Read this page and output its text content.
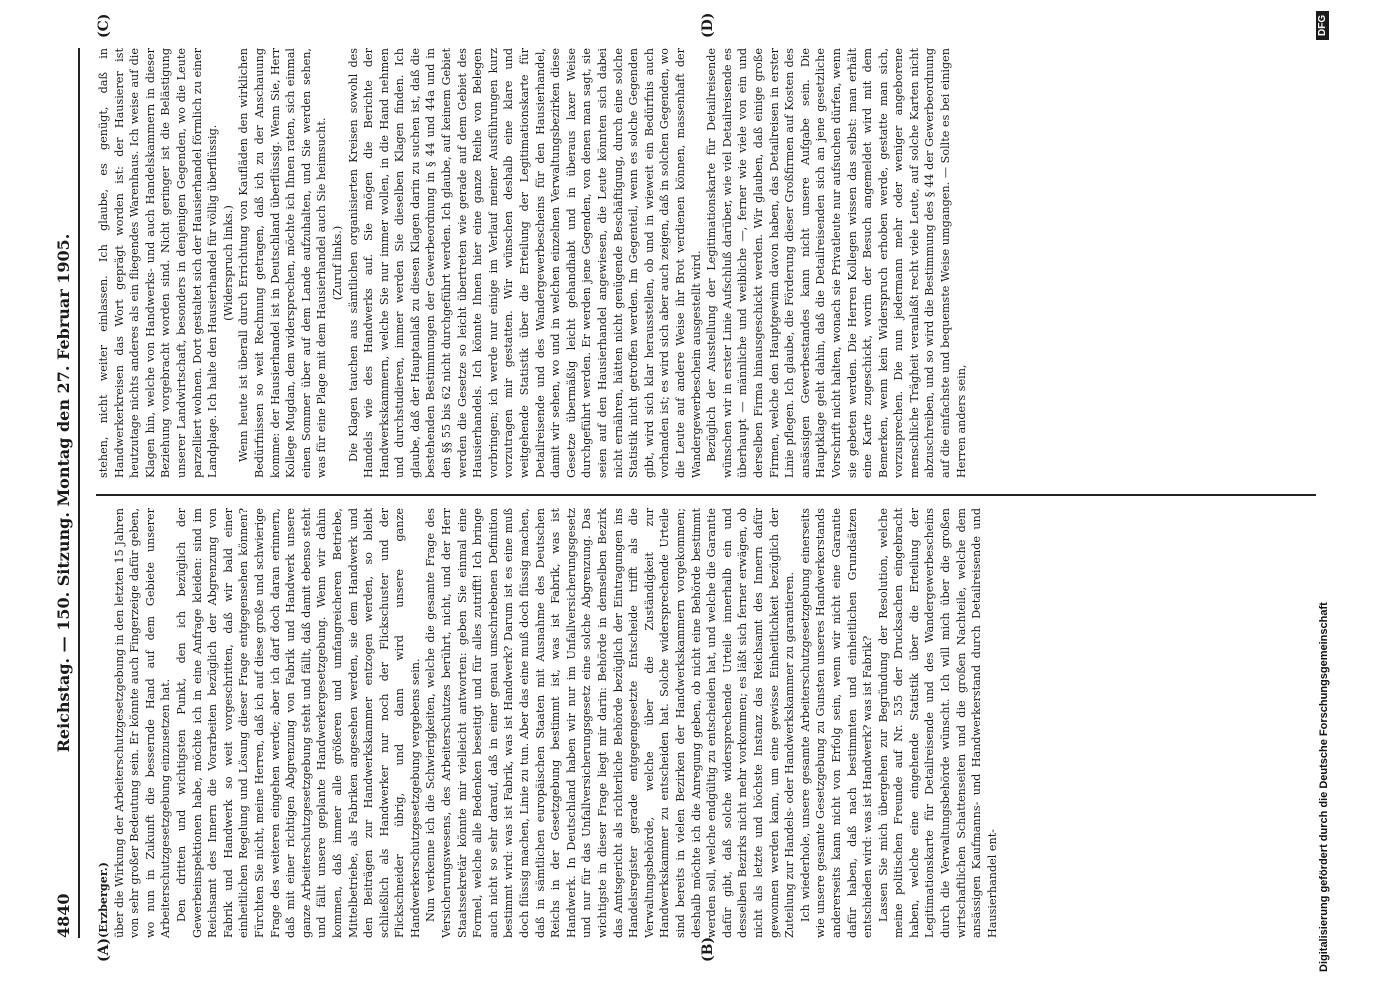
4840
Reichstag. — 150. Sitzung. Montag den 27. Februar 1905.
(A)	(B)
(C)	(D)

(Erzberger.) über die Wirkung der Arbeiterschutzgesetzgebung in den letzten 15 Jahren von sehr großer Bedeutung sein. Er könnte auch Fingerzeige dafür geben, wo nun in Zukunft die bessernde Hand auf dem Gebiete unserer Arbeiterschutzgesetzgebung einzusetzen hat. Den dritten und wichtigsten Punkt, den ich bezüglich der Gewerbeinspektionen habe, möchte ich in eine Anfrage kleiden: sind im Reichsamt des Innern die Vorarbeiten bezüglich der Abgrenzung von Fabrik und Handwerk so weit vorgeschritten, daß wir bald einer einheitlichen Regelung und Lösung dieser Frage entgegensehen können? Fürchten Sie nicht, meine Herren, daß ich auf diese große und schwierige Frage des weiteren eingehen werde; aber ich darf doch daran erinnern, daß mit einer richtigen Abgrenzung von Fabrik und Handwerk unsere ganze Arbeiterschutzgesetzgebung steht und fällt, daß damit ebenso steht und fällt unsere geplante Handwerkergesetzgebung. Wenn wir dahin kommen, daß immer alle größeren und umfangreicheren Betriebe, Mittelbetriebe, als Fabriken angesehen werden, sie dem Handwerk und den Beiträgen zur Handwerkskammer entzogen werden, so bleibt schließlich als Handwerker nur noch der Flickschuster und der Flickschneider übrig, und dann wird unsere ganze Handwerkerschutzgesetzgebung vergebens sein. Nun verkenne ich die Schwierigkeiten, welche die gesamte Frage des Versicherungswesens, des Arbeiterschutzes berührt, nicht, und der Herr Staatssekretär könnte mir vielleicht antworten: geben Sie einmal eine Formel, welche alle Bedenken beseitigt und für alles zutrifft! Ich bringe auch nicht so sehr darauf, daß in einer genau umschriebenen Definition bestimmt wird: was ist Fabrik, was ist Handwerk? Darum ist es eine muß doch flüssig machen, Linie zu tun. Aber das eine muß doch flüssig machen, daß in sämtlichen europäischen Staaten mit Ausnahme des Deutschen Reichs in der Gesetzgebung bestimmt ist, was ist Fabrik, was ist Handwerk. In Deutschland haben wir nur im Unfallversicherungsgesetz und nur für das Unfallversicherungsgesetz eine solche Abgrenzung. Das wichtigste in dieser Frage liegt mir darin: Behörde in demselben Bezirk das Amtsgericht als richterliche Behörde bezüglich der Eintragungen ins Handelsregister gerade entgegengesetzte Entscheide trifft als die Verwaltungsbehörde, welche über die Zuständigkeit zur Handwerkskammer zu entscheiden hat. Solche widersprechende Urteile sind bereits in vielen Bezirken der Handwerkskammern vorgekommen; deshalb möchte ich die Anregung geben, ob nicht eine Behörde bestimmt werden soll, welche endgültig zu entscheiden hat, und welche die Garantie dafür gibt, daß solche widersprechende Urteile innerhalb ein und desselben Bezirks nicht mehr vorkommen; es läßt sich ferner erwägen, ob nicht als letzte und höchste Instanz das Reichsamt des Innern dafür gewonnen werden kann, um eine gewisse Einheitlichkeit bezüglich der Zuteilung zur Handels- oder Handwerkskammer zu garantieren. Ich wiederhole, unsere gesamte Arbeiterschutzgesetzgebung einerseits wie unsere gesamte Gesetzgebung zu Gunsten unseres Handwerkerstands andererseits kann nicht von Erfolg sein, wenn wir nicht eine Garantie dafür haben, daß nach bestimmten und einheitlichen Grundsätzen entschieden wird: was ist Handwerk? was ist Fabrik? Lassen Sie mich übergehen zur Begründung der Resolution, welche meine politischen Freunde auf Nr. 535 der Drucksachen eingebracht haben, welche eine eingehende Statistik über die Erteilung der Legitimationskarte für Detailreisende und des Wandergewerbescheins durch die Verwaltungsbehörde wünscht. Ich will mich über die großen wirtschaftlichen Schattenseiten und die großen Nachteile, welche dem ansässigen Kaufmanns- und Handwerkerstand durch Detailreisende und Hausierhandel ent-

stehen, nicht weiter einlassen. Ich glaube, es genügt, daß in Handwerkerkreisen das Wort geprägt worden ist: der Hausierer ist heutzutage nichts anderes als ein fliegendes Warenhaus. Ich weise auf die Klagen hin, welche von Handwerks- und auch Handelskammern in dieser Beziehung vorgebracht worden sind. Nicht geringer ist die Belästigung unserer Landwirtschaft, besonders in denjenigen Gegenden, wo die Leute parzelliert wohnen. Dort gestaltet sich der Hausierhandel förmlich zu einer Landplage. Ich halte den Hausierhandel für völlig überflüssig. (Widerspruch links.) Wenn heute ist überall durch Errichtung von Kaufläden den wirklichen Bedürfnissen so weit Rechnung getragen, daß ich zu der Anschauung komme: der Hausierhandel ist in Deutschland überflüssig. Wenn Sie, Herr Kollege Mugdan, dem widersprechen, möchte ich Ihnen raten, sich einmal einen Sommer über auf dem Lande aufzuhalten, und Sie werden sehen, was für eine Plage mit dem Hausierhandel auch Sie heimsucht. (Zuruf links.) Die Klagen tauchen aus sämtlichen organisierten Kreisen sowohl des Handels wie des Handwerks auf. Sie mögen die Berichte der Handwerkskammern, welche Sie nur immer wollen, in die Hand nehmen und durchstudieren, immer werden Sie dieselben Klagen finden. Ich glaube, daß der Hauptanlaß zu diesen Klagen darin zu suchen ist, daß die bestehenden Bestimmungen der Gewerbeordnung in § 44 und 44a und in den §§ 55 bis 62 nicht durchgeführt werden. Ich glaube, auf keinem Gebiet werden die Gesetze so leicht übertreten wie gerade auf dem Gebiet des Hausierhandels. Ich könnte Ihnen hier eine ganze Reihe von Belegen vorbringen; ich werde nur einige im Verlauf meiner Ausführungen kurz vorzutragen mir gestatten. Wir wünschen deshalb eine klare und weitgehende Statistik über die Erteilung der Legitimationskarte für Detailreisende und des Wandergewerbescheins für den Hausierhandel, damit wir sehen, wo und in welchen einzelnen Verwaltungsbezirken diese Gesetze übermäßig leicht gehandhabt und in überaus laxer Weise durchgeführt werden. Er werden jene Gegenden, von denen man sagt, sie seien auf den Hausierhandel angewiesen, die Leute könnten sich dabei nicht ernähren, hätten nicht genügende Beschäftigung, durch eine solche Statistik nicht getroffen werden. Im Gegenteil, wenn es solche Gegenden gibt, wird sich klar herausstellen, ob und in wieweit ein Bedürfnis auch vorhanden ist; es wird sich aber auch zeigen, daß in solchen Gegenden, wo die Leute auf andere Weise ihr Brot verdienen können, massenhaft der Wandergewerbeschein ausgestellt wird. Bezüglich der Ausstellung der Legitimationskarte für Detailreisende wünschen wir in erster Linie Aufschluß darüber, wie viel Detailreisende es überhaupt — männliche und weibliche —, ferner wie viele von ein und derselben Firma hinausgeschickt werden. Wir glauben, daß einige große Firmen, welche den Hauptgewinn davon haben, das Detailreisen in erster Linie pflegen. Ich glaube, die Förderung dieser Großfirmen auf Kosten des ansässigen Gewerbestandes kann nicht unsere Aufgabe sein. Die Hauptklage geht dahin, daß die Detailreisenden sich an jene gesetzliche Vorschrift nicht halten, wonach sie Privatleute nur aufsuchen dürfen, wenn sie gebeten werden. Die Herren Kollegen wissen das selbst: man erhält eine Karte zugeschickt, worin der Besuch angemeldet wird mit dem Bemerken, wenn kein Widerspruch erhoben werde, gestatte man sich, vorzusprechen. Die nun jedermann mehr oder weniger angeborene menschliche Trägheit veranlaßt recht viele Leute, auf solche Karten nicht abzuschreiben, und so wird die Bestimmung des § 44 der Gewerbeordnung auf die einfachste und bequemste Weise umgangen. — Sollte es bei einigen Herren anders sein,

Digitalisierung gefördert durch die Deutsche Forschungsgemeinschaft
DFG
